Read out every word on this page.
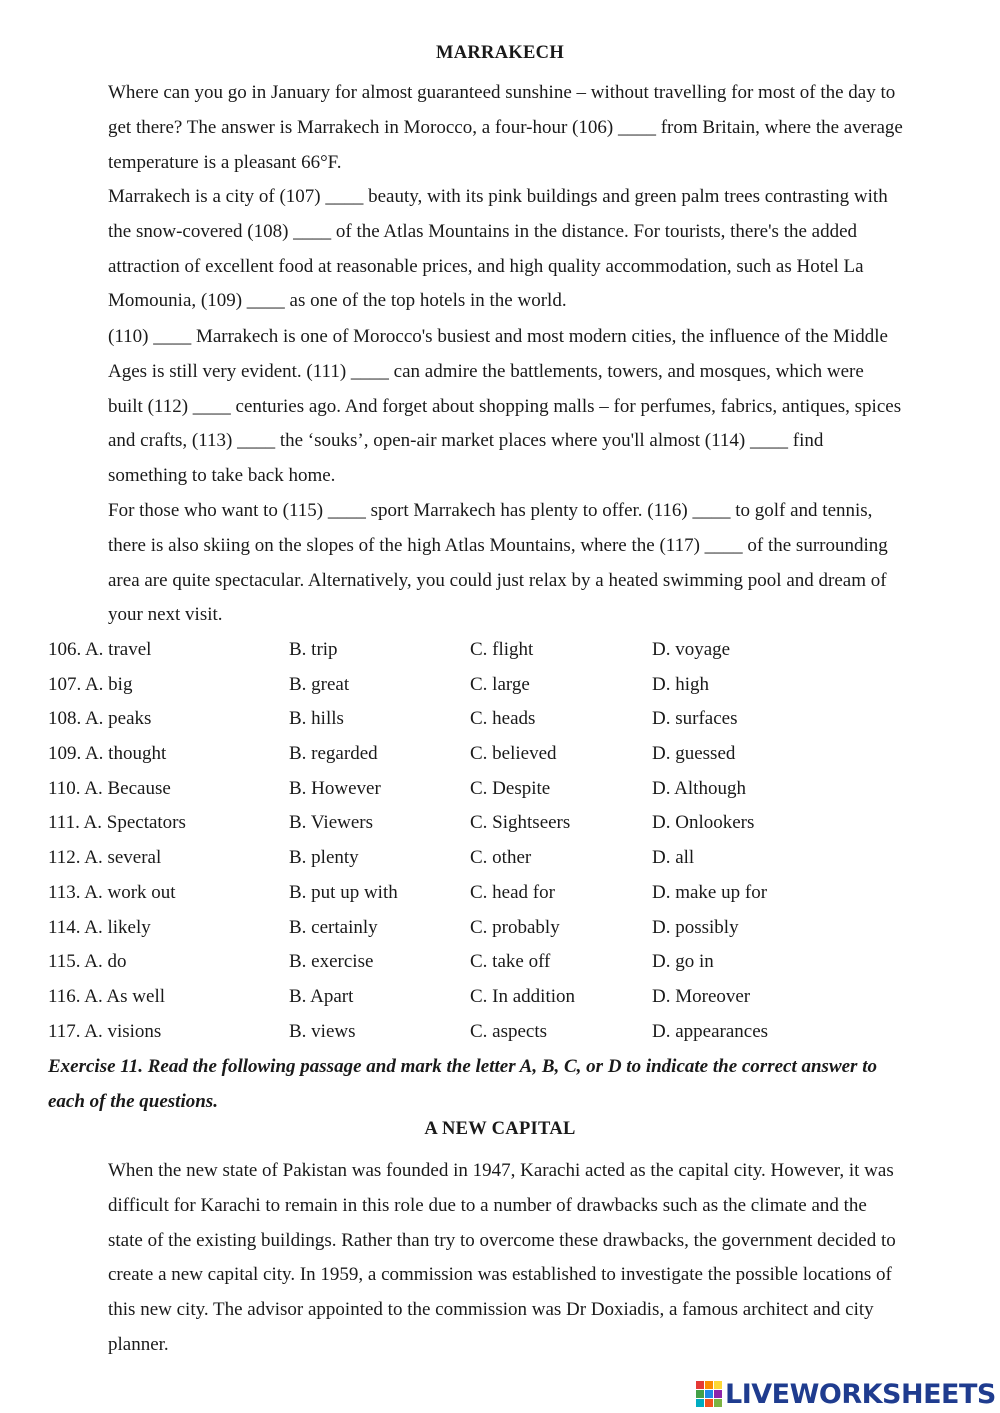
MARRAKECH
Where can you go in January for almost guaranteed sunshine – without travelling for most of the day to
get there? The answer is Marrakech in Morocco, a four-hour (106) ____ from Britain, where the average
temperature is a pleasant 66°F.
Marrakech is a city of (107) ____ beauty, with its pink buildings and green palm trees contrasting with
the snow-covered (108) ____ of the Atlas Mountains in the distance. For tourists, there's the added
attraction of excellent food at reasonable prices, and high quality accommodation, such as Hotel La
Momounia, (109) ____ as one of the top hotels in the world.
(110) ____ Marrakech is one of Morocco's busiest and most modern cities, the influence of the Middle
Ages is still very evident. (111) ____ can admire the battlements, towers, and mosques, which were
built (112) ____ centuries ago. And forget about shopping malls – for perfumes, fabrics, antiques, spices
and crafts, (113) ____ the ‘souks’, open-air market places where you'll almost (114) ____ find
something to take back home.
For those who want to (115) ____ sport Marrakech has plenty to offer. (116) ____ to golf and tennis,
there is also skiing on the slopes of the high Atlas Mountains, where the (117) ____ of the surrounding
area are quite spectacular. Alternatively, you could just relax by a heated swimming pool and dream of
your next visit.
106. A. travel	B. trip	C. flight	D. voyage
107. A. big	B. great	C. large	D. high
108. A. peaks	B. hills	C. heads	D. surfaces
109. A. thought	B. regarded	C. believed	D. guessed
110. A. Because	B. However	C. Despite	D. Although
111. A. Spectators	B. Viewers	C. Sightseers	D. Onlookers
112. A. several	B. plenty	C. other	D. all
113. A. work out	B. put up with	C. head for	D. make up for
114. A. likely	B. certainly	C. probably	D. possibly
115. A. do	B. exercise	C. take off	D. go in
116. A. As well	B. Apart	C. In addition	D. Moreover
117. A. visions	B. views	C. aspects	D. appearances
Exercise 11. Read the following passage and mark the letter A, B, C, or D to indicate the correct answer to
each of the questions.
A NEW CAPITAL
When the new state of Pakistan was founded in 1947, Karachi acted as the capital city. However, it was
difficult for Karachi to remain in this role due to a number of drawbacks such as the climate and the
state of the existing buildings. Rather than try to overcome these drawbacks, the government decided to
create a new capital city. In 1959, a commission was established to investigate the possible locations of
this new city. The advisor appointed to the commission was Dr Doxiadis, a famous architect and city
planner.
LIVEWORKSHEETS
